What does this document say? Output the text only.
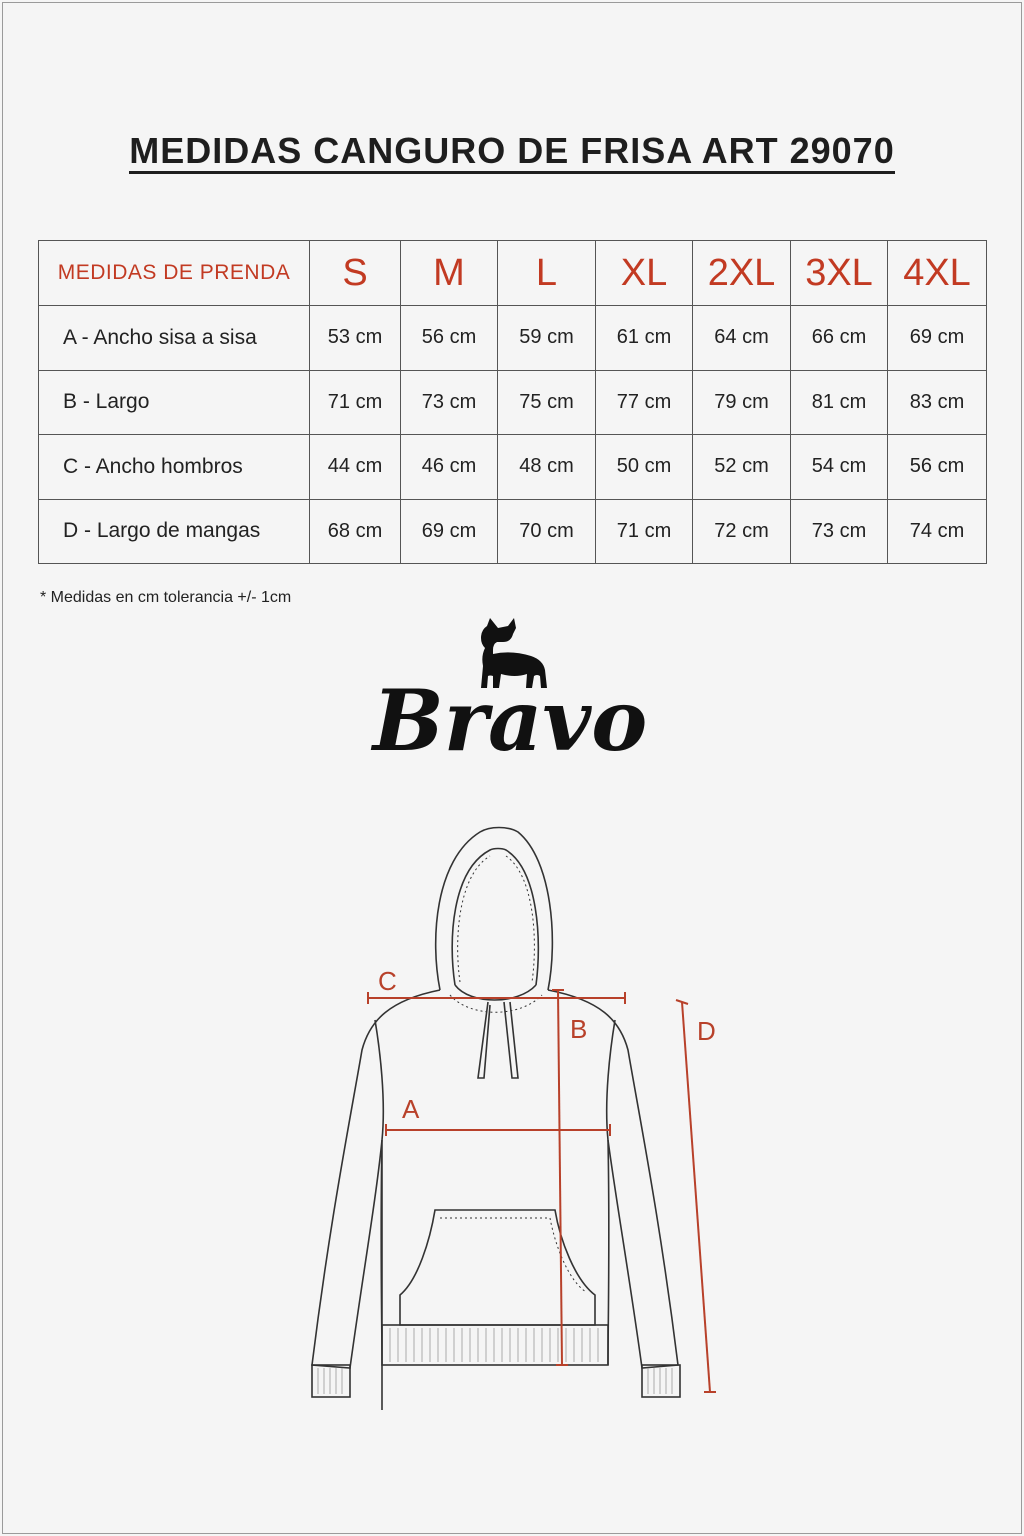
MEDIDAS CANGURO DE FRISA ART 29070
MEDIDAS DE PRENDA	S	M	L	XL	2XL	3XL	4XL
A - Ancho sisa a sisa	53 cm	56 cm	59 cm	61 cm	64 cm	66 cm	69 cm
B - Largo	71 cm	73 cm	75 cm	77 cm	79 cm	81 cm	83 cm
C - Ancho hombros	44 cm	46 cm	48 cm	50 cm	52 cm	54 cm	56 cm
D - Largo de mangas	68 cm	69 cm	70 cm	71 cm	72 cm	73 cm	74 cm
* Medidas en cm tolerancia +/- 1cm
Bravo
C
A
B	D
